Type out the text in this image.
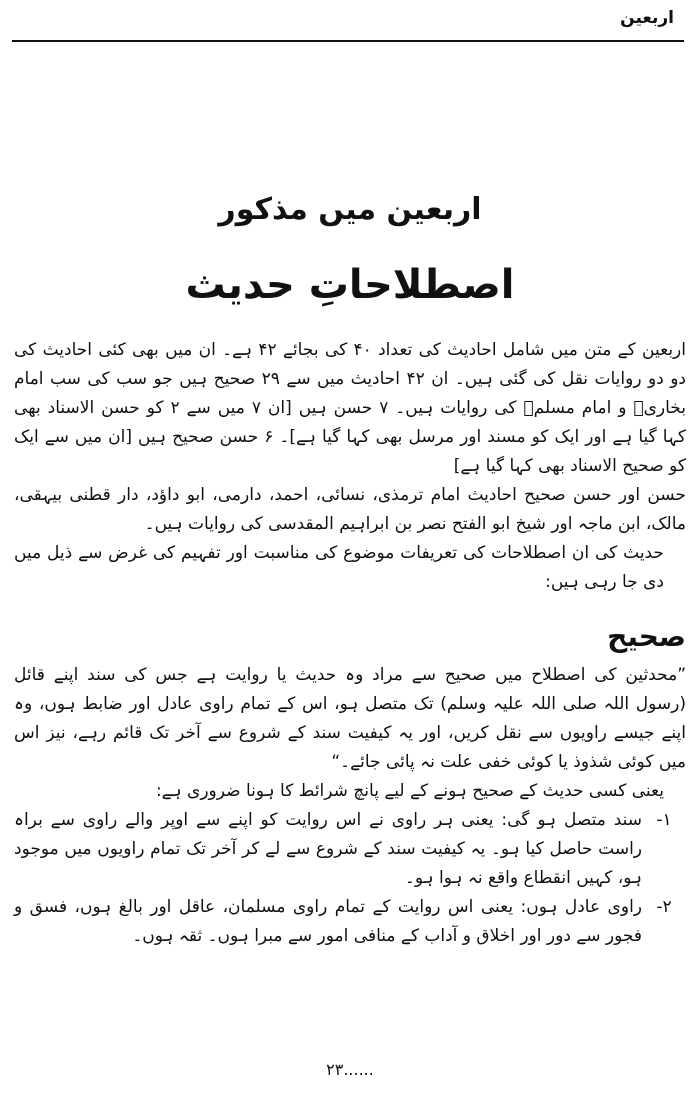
اربعین
اربعین میں مذکور
اصطلاحاتِ حدیث

اربعین کے متن میں شامل احادیث کی تعداد ۴۰ کی بجائے ۴۲ ہے۔ ان میں بھی کئی احادیث کی دو دو روایات نقل کی گئی ہیں۔ ان ۴۲ احادیث میں سے ۲۹ صحیح ہیں جو سب کی سب امام بخاریؒ و امام مسلمؒ کی روایات ہیں۔ ۷ حسن ہیں [ان ۷ میں سے ۲ کو حسن الاسناد بھی کہا گیا ہے اور ایک کو مسند اور مرسل بھی کہا گیا ہے]۔ ۶ حسن صحیح ہیں [ان میں سے ایک کو صحیح الاسناد بھی کہا گیا ہے]

حسن اور حسن صحیح احادیث امام ترمذی، نسائی، احمد، دارمی، ابو داؤد، دار قطنی بیہقی، مالک، ابن ماجہ اور شیخ ابو الفتح نصر بن ابراہیم المقدسی کی روایات ہیں۔

حدیث کی ان اصطلاحات کی تعریفات موضوع کی مناسبت اور تفہیم کی غرض سے ذیل میں دی جا رہی ہیں:

صحیح

”محدثین کی اصطلاح میں صحیح سے مراد وہ حدیث یا روایت ہے جس کی سند اپنے قائل (رسول اللہ صلی اللہ علیہ وسلم) تک متصل ہو، اس کے تمام راوی عادل اور ضابط ہوں، وہ اپنے جیسے راویوں سے نقل کریں، اور یہ کیفیت سند کے شروع سے آخر تک قائم رہے، نیز اس میں کوئی شذوذ یا کوئی خفی علت نہ پائی جائے۔“

یعنی کسی حدیث کے صحیح ہونے کے لیے پانچ شرائط کا ہونا ضروری ہے:

۱-
سند متصل ہو گی: یعنی ہر راوی نے اس روایت کو اپنے سے اوپر والے راوی سے براہ راست حاصل کیا ہو۔ یہ کیفیت سند کے شروع سے لے کر آخر تک تمام راویوں میں موجود ہو، کہیں انقطاع واقع نہ ہوا ہو۔
۲-
راوی عادل ہوں: یعنی اس روایت کے تمام راوی مسلمان، عاقل اور بالغ ہوں، فسق و فجور سے دور اور اخلاق و آداب کے منافی امور سے مبرا ہوں۔ ثقہ ہوں۔
......۲۳
